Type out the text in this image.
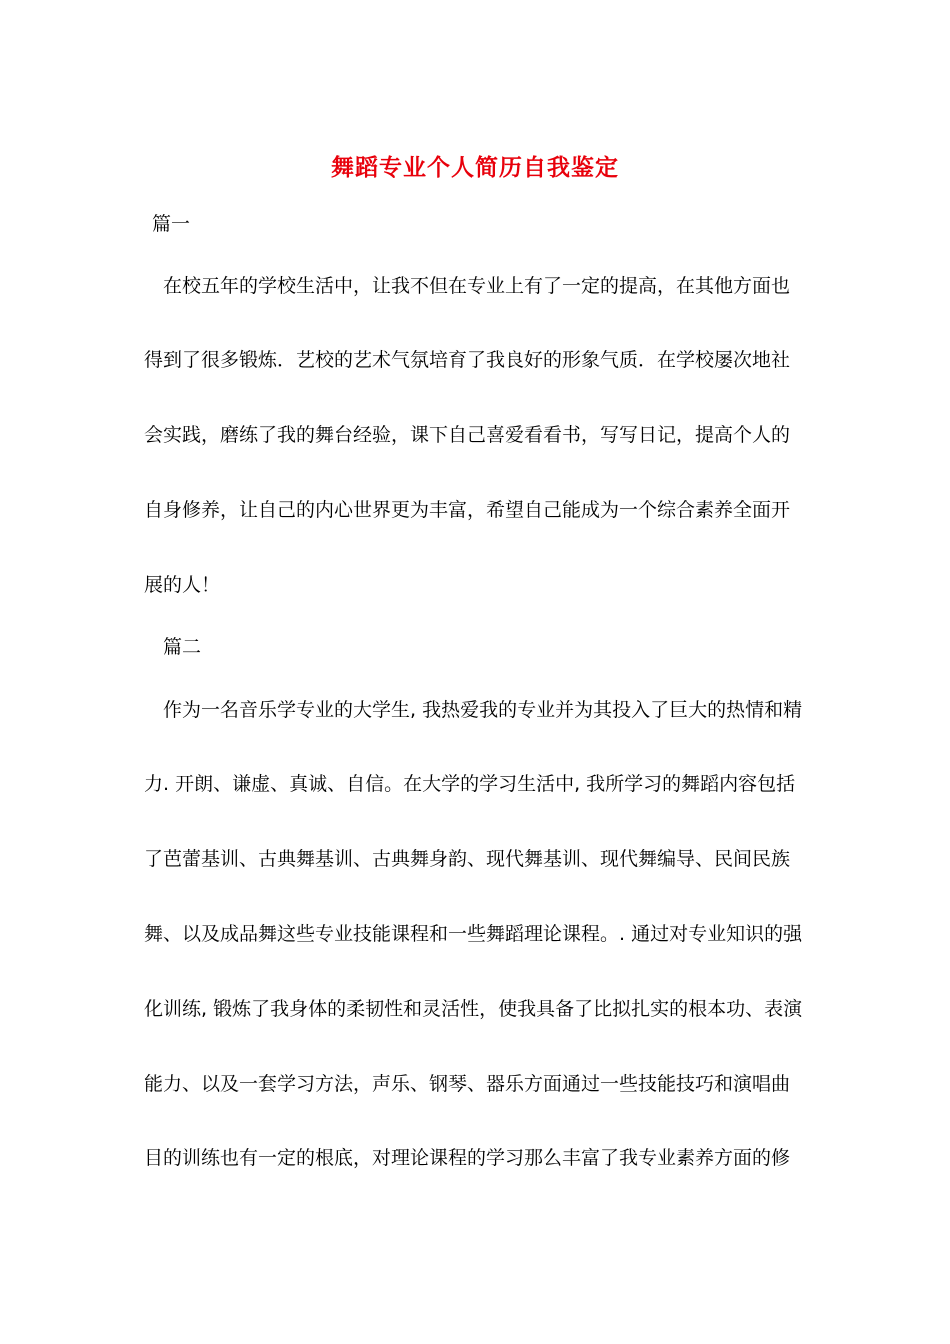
舞蹈专业个人简历自我鉴定
篇一
在校五年的学校生活中，让我不但在专业上有了一定的提高，在其他方面也
得到了很多锻炼．艺校的艺术气氛培育了我良好的形象气质．在学校屡次地社
会实践，磨练了我的舞台经验，课下自己喜爱看看书，写写日记，提高个人的
自身修养，让自己的内心世界更为丰富，希望自己能成为一个综合素养全面开
展的人！
篇二
作为一名音乐学专业的大学生, 我热爱我的专业并为其投入了巨大的热情和精
力. 开朗、谦虚、真诚、自信。在大学的学习生活中, 我所学习的舞蹈内容包括
了芭蕾基训、古典舞基训、古典舞身韵、现代舞基训、现代舞编导、民间民族
舞、以及成品舞这些专业技能课程和一些舞蹈理论课程。. 通过对专业知识的强
化训练, 锻炼了我身体的柔韧性和灵活性，使我具备了比拟扎实的根本功、表演
能力、以及一套学习方法，声乐、钢琴、器乐方面通过一些技能技巧和演唱曲
目的训练也有一定的根底，对理论课程的学习那么丰富了我专业素养方面的修
